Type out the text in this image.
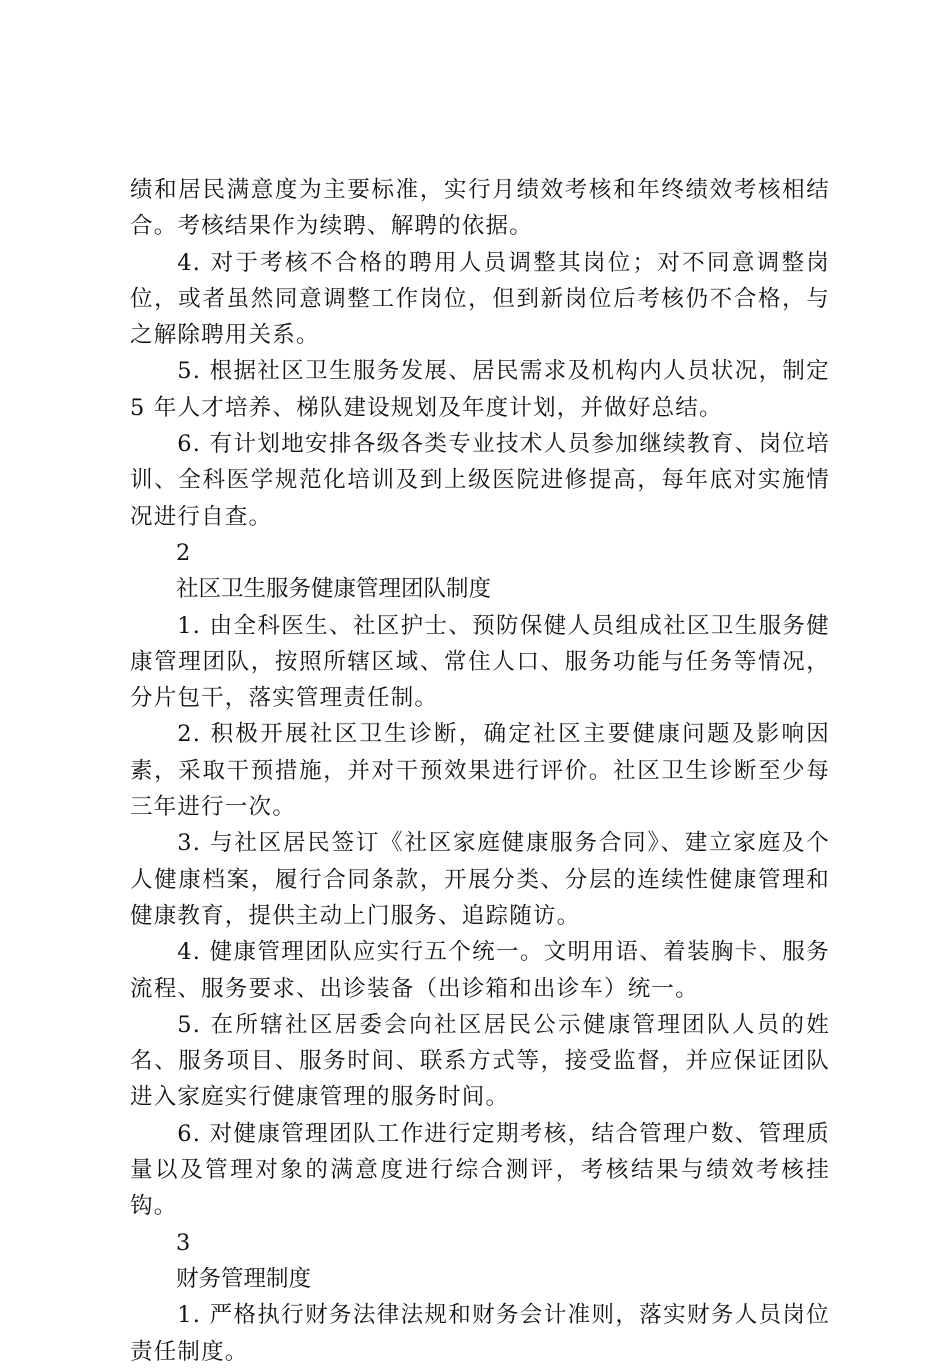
绩和居民满意度为主要标准，实行月绩效考核和年终绩效考核相结合。考核结果作为续聘、解聘的依据。

4. 对于考核不合格的聘用人员调整其岗位；对不同意调整岗位，或者虽然同意调整工作岗位，但到新岗位后考核仍不合格，与之解除聘用关系。

5. 根据社区卫生服务发展、居民需求及机构内人员状况，制定 5 年人才培养、梯队建设规划及年度计划，并做好总结。

6. 有计划地安排各级各类专业技术人员参加继续教育、岗位培训、全科医学规范化培训及到上级医院进修提高，每年底对实施情况进行自查。

2

社区卫生服务健康管理团队制度

1. 由全科医生、社区护士、预防保健人员组成社区卫生服务健康管理团队，按照所辖区域、常住人口、服务功能与任务等情况，分片包干，落实管理责任制。

2. 积极开展社区卫生诊断，确定社区主要健康问题及影响因素，采取干预措施，并对干预效果进行评价。社区卫生诊断至少每三年进行一次。

3. 与社区居民签订《社区家庭健康服务合同》、建立家庭及个人健康档案，履行合同条款，开展分类、分层的连续性健康管理和健康教育，提供主动上门服务、追踪随访。

4. 健康管理团队应实行五个统一。文明用语、着装胸卡、服务流程、服务要求、出诊装备（出诊箱和出诊车）统一。

5. 在所辖社区居委会向社区居民公示健康管理团队人员的姓名、服务项目、服务时间、联系方式等，接受监督，并应保证团队进入家庭实行健康管理的服务时间。

6. 对健康管理团队工作进行定期考核，结合管理户数、管理质量以及管理对象的满意度进行综合测评，考核结果与绩效考核挂钩。

3

财务管理制度

1. 严格执行财务法律法规和财务会计准则，落实财务人员岗位责任制度。
